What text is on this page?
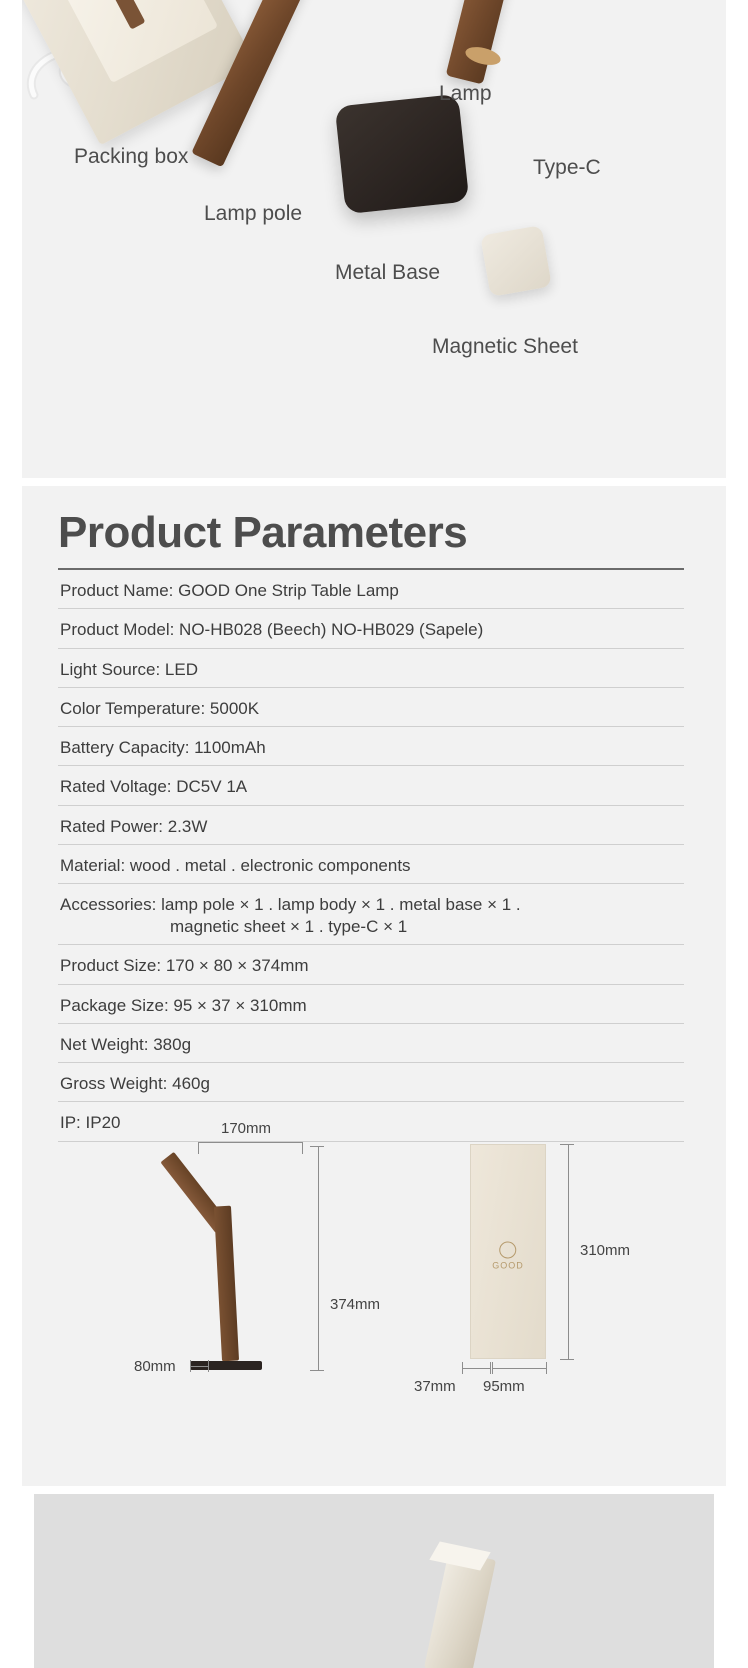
Packing box
Lamp pole
Lamp
Metal Base
Type-C
Magnetic Sheet
Product Parameters
Product Name: GOOD One Strip Table Lamp
Product Model: NO-HB028 (Beech) NO-HB029 (Sapele)
Light Source: LED
Color Temperature: 5000K
Battery Capacity: 1100mAh
Rated Voltage: DC5V 1A
Rated Power: 2.3W
Material: wood . metal . electronic components
Accessories: lamp pole × 1 . lamp body × 1 . metal base × 1 .
magnetic sheet × 1 . type-C × 1
Product Size: 170 × 80 × 374mm
Package Size: 95 × 37 × 310mm
Net Weight: 380g
Gross Weight: 460g
IP: IP20	170mm
374mm
80mm
GOOD
310mm
37mm 95mm
